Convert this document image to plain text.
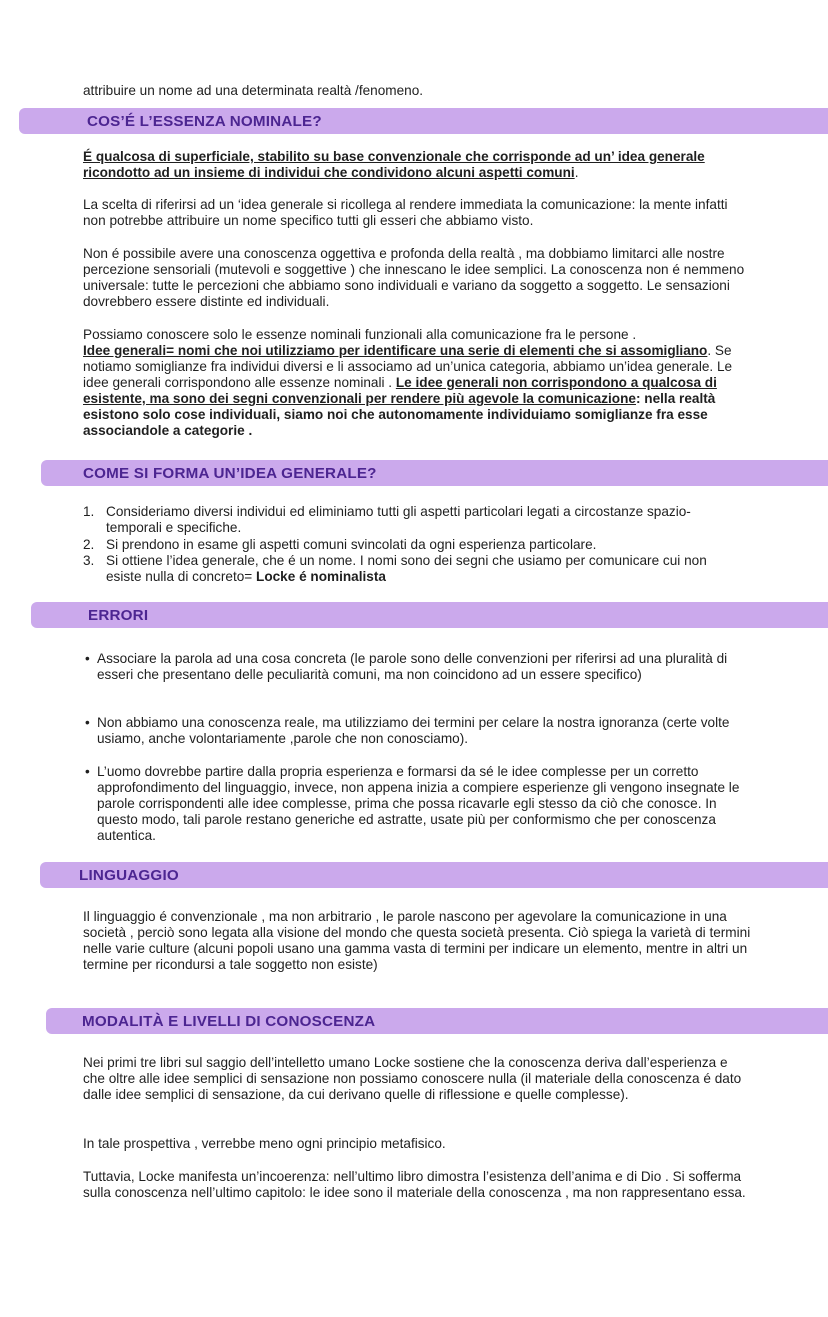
attribuire un nome ad una determinata realtà /fenomeno.

COS’É L’ESSENZA NOMINALE?

É qualcosa di superficiale, stabilito su base convenzionale che corrisponde ad un’ idea generale ricondotto ad un insieme di individui che condividono alcuni aspetti comuni.

La scelta di riferirsi ad un ‘idea generale si ricollega al rendere immediata la comunicazione: la mente infatti non potrebbe attribuire un nome specifico tutti gli esseri che abbiamo visto.

Non é possibile avere una conoscenza oggettiva e profonda della realtà , ma dobbiamo limitarci alle nostre percezione sensoriali (mutevoli e soggettive ) che innescano le idee semplici. La conoscenza non é nemmeno universale: tutte le percezioni che abbiamo sono individuali e variano da soggetto a soggetto. Le sensazioni dovrebbero essere distinte ed individuali.

Possiamo conoscere solo le essenze nominali funzionali alla comunicazione fra le persone .
Idee generali= nomi che noi utilizziamo per identificare una serie di elementi che si assomigliano. Se notiamo somiglianze fra individui diversi e li associamo ad un’unica categoria, abbiamo un’idea generale. Le idee generali corrispondono alle essenze nominali . Le idee generali non corrispondono a qualcosa di esistente, ma sono dei segni convenzionali per rendere più agevole la comunicazione: nella realtà esistono solo cose individuali, siamo noi che autonomamente individuiamo somiglianze fra esse associandole a categorie .

COME SI FORMA UN’IDEA GENERALE?
1. Consideriamo diversi individui ed eliminiamo tutti gli aspetti particolari legati a circostanze spazio-temporali e specifiche.
2. Si prendono in esame gli aspetti comuni svincolati da ogni esperienza particolare.
3. Si ottiene l’idea generale, che é un nome. I nomi sono dei segni che usiamo per comunicare cui non esiste nulla di concreto= Locke é nominalista
ERRORI
• Associare la parola ad una cosa concreta (le parole sono delle convenzioni per riferirsi ad una pluralità di esseri che presentano delle peculiarità comuni, ma non coincidono ad un essere specifico)
• Non abbiamo una conoscenza reale, ma utilizziamo dei termini per celare la nostra ignoranza (certe volte usiamo, anche volontariamente ,parole che non conosciamo).
• L’uomo dovrebbe partire dalla propria esperienza e formarsi da sé le idee complesse per un corretto approfondimento del linguaggio, invece, non appena inizia a compiere esperienze gli vengono insegnate le parole corrispondenti alle idee complesse, prima che possa ricavarle egli stesso da ciò che conosce. In questo modo, tali parole restano generiche ed astratte, usate più per conformismo che per conoscenza autentica.
LINGUAGGIO

Il linguaggio é convenzionale , ma non arbitrario , le parole nascono per agevolare la comunicazione in una società , perciò sono legata alla visione del mondo che questa società presenta. Ciò spiega la varietà di termini nelle varie culture (alcuni popoli usano una gamma vasta di termini per indicare un elemento, mentre in altri un termine per ricondursi a tale soggetto non esiste)

MODALITÀ E LIVELLI DI CONOSCENZA

Nei primi tre libri sul saggio dell’intelletto umano Locke sostiene che la conoscenza deriva dall’esperienza e che oltre alle idee semplici di sensazione non possiamo conoscere nulla (il materiale della conoscenza é dato dalle idee semplici di sensazione, da cui derivano quelle di riflessione e quelle complesse).

In tale prospettiva , verrebbe meno ogni principio metafisico.

Tuttavia, Locke manifesta un’incoerenza: nell’ultimo libro dimostra l’esistenza dell’anima e di Dio . Si sofferma sulla conoscenza nell’ultimo capitolo: le idee sono il materiale della conoscenza , ma non rappresentano essa.
